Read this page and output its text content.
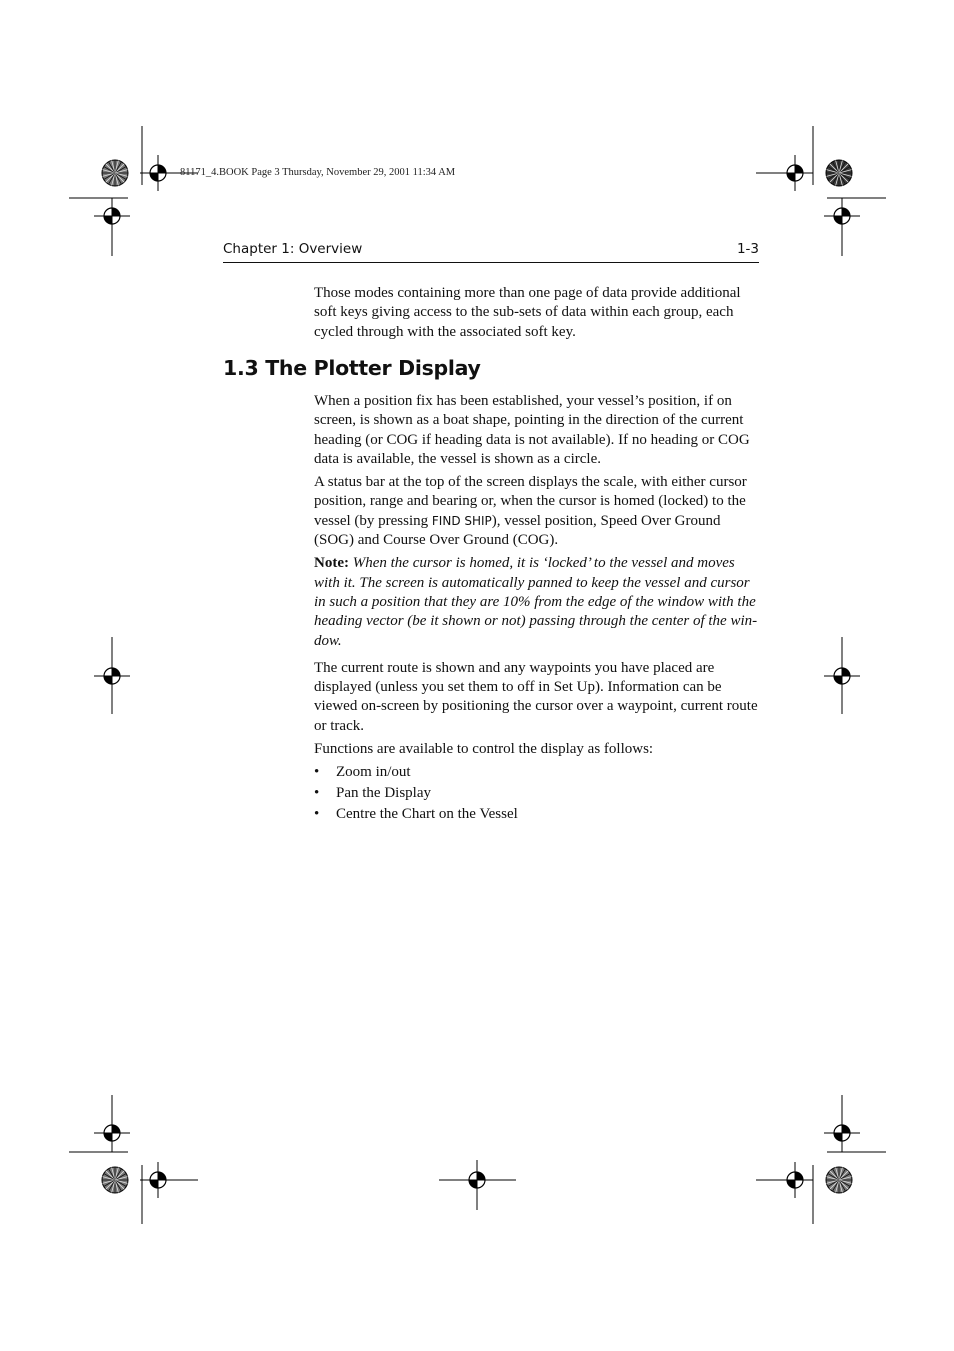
81171_4.BOOK Page 3 Thursday, November 29, 2001 11:34 AM
Chapter 1: Overview	1-3

Those modes containing more than one page of data provide additional soft keys giving access to the sub-sets of data within each group, each cycled through with the associated soft key.

1.3 The Plotter Display

When a position fix has been established, your vessel’s position, if on screen, is shown as a boat shape, pointing in the direction of the current heading (or COG if heading data is not available). If no heading or COG data is available, the vessel is shown as a circle.

A status bar at the top of the screen displays the scale, with either cursor position, range and bearing or, when the cursor is homed (locked) to the vessel (by pressing FIND SHIP), vessel position, Speed Over Ground (SOG) and Course Over Ground (COG).

Note: When the cursor is homed, it is ‘locked’ to the vessel and moves with it. The screen is automatically panned to keep the vessel and cursor in such a position that they are 10% from the edge of the window with the heading vector (be it shown or not) passing through the center of the win-dow.

The current route is shown and any waypoints you have placed are displayed (unless you set them to off in Set Up). Information can be viewed on-screen by positioning the cursor over a waypoint, current route or track.

Functions are available to control the display as follows:

• Zoom in/out
• Pan the Display
• Centre the Chart on the Vessel
